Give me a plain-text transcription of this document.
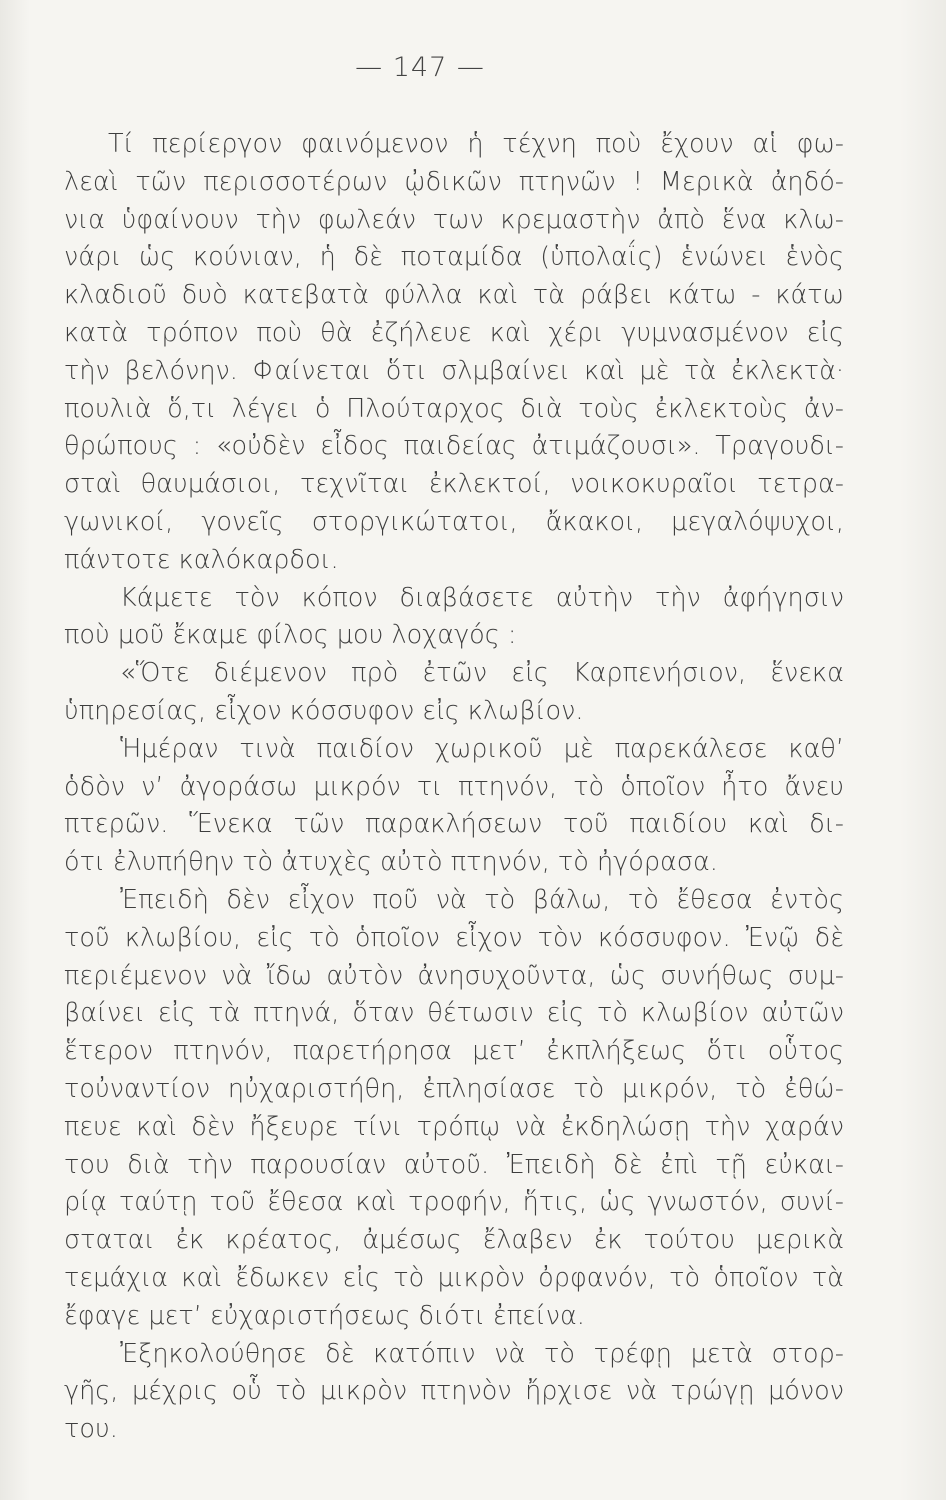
— 147 —
Τί περίεργον φαινόμενον ἡ τέχνη ποὺ ἔχουν αἱ φω-
λεαὶ τῶν περισσοτέρων ᾠδικῶν πτηνῶν ! Μερικὰ ἀηδό-
νια ὑφαίνουν τὴν φωλεάν των κρεμαστὴν ἀπὸ ἕνα κλω-
νάρι ὡς κούνιαν, ἡ δὲ ποταμίδα (ὑπολαΐς) ἑνώνει ἑνὸς
κλαδιοῦ δυὸ κατεβατὰ φύλλα καὶ τὰ ράβει κάτω - κάτω
κατὰ τρόπον ποὺ θὰ ἐζήλευε καὶ χέρι γυμνασμένον εἰς
τὴν βελόνην. Φαίνεται ὅτι σλμβαίνει καὶ μὲ τὰ ἐκλεκτὰ·
πουλιὰ ὅ,τι λέγει ὁ Πλούταρχος διὰ τοὺς ἐκλεκτοὺς ἀν-
θρώπους : «οὐδὲν εἶδος παιδείας ἀτιμάζουσι». Τραγουδι-
σταὶ θαυμάσιοι, τεχνῖται ἐκλεκτοί, νοικοκυραῖοι τετρα-
γωνικοί, γονεῖς στοργικώτατοι, ἄκακοι, μεγαλόψυχοι,
πάντοτε καλόκαρδοι.
Κάμετε τὸν κόπον διαβάσετε αὐτὴν τὴν ἀφήγησιν
ποὺ μοῦ ἔκαμε φίλος μου λοχαγός :
«Ὅτε διέμενον πρὸ ἐτῶν εἰς Καρπενήσιον, ἕνεκα
ὑπηρεσίας, εἶχον κόσσυφον εἰς κλωβίον.
Ἡμέραν τινὰ παιδίον χωρικοῦ μὲ παρεκάλεσε καθ’
ὁδὸν ν’ ἀγοράσω μικρόν τι πτηνόν, τὸ ὁποῖον ἦτο ἄνευ
πτερῶν. Ἕνεκα τῶν παρακλήσεων τοῦ παιδίου καὶ δι-
ότι ἐλυπήθην τὸ ἀτυχὲς αὐτὸ πτηνόν, τὸ ἠγόρασα.
Ἐπειδὴ δὲν εἶχον ποῦ νὰ τὸ βάλω, τὸ ἔθεσα ἐντὸς
τοῦ κλωβίου, εἰς τὸ ὁποῖον εἶχον τὸν κόσσυφον. Ἐνῷ δὲ
περιέμενον νὰ ἴδω αὐτὸν ἀνησυχοῦντα, ὡς συνήθως συμ-
βαίνει εἰς τὰ πτηνά, ὅταν θέτωσιν εἰς τὸ κλωβίον αὐτῶν
ἕτερον πτηνόν, παρετήρησα μετ’ ἐκπλήξεως ὅτι οὗτος
τοὐναντίον ηὐχαριστήθη, ἐπλησίασε τὸ μικρόν, τὸ ἐθώ-
πευε καὶ δὲν ἤξευρε τίνι τρόπῳ νὰ ἐκδηλώσῃ τὴν χαράν
του διὰ τὴν παρουσίαν αὐτοῦ. Ἐπειδὴ δὲ ἐπὶ τῇ εὐκαι-
ρίᾳ ταύτῃ τοῦ ἔθεσα καὶ τροφήν, ἥτις, ὡς γνωστόν, συνί-
σταται ἐκ κρέατος, ἀμέσως ἔλαβεν ἐκ τούτου μερικὰ
τεμάχια καὶ ἔδωκεν εἰς τὸ μικρὸν ὀρφανόν, τὸ ὁποῖον τὰ
ἔφαγε μετ’ εὐχαριστήσεως διότι ἐπείνα.
Ἐξηκολούθησε δὲ κατόπιν νὰ τὸ τρέφῃ μετὰ στορ-
γῆς, μέχρις οὗ τὸ μικρὸν πτηνὸν ἤρχισε νὰ τρώγῃ μόνον
του.
